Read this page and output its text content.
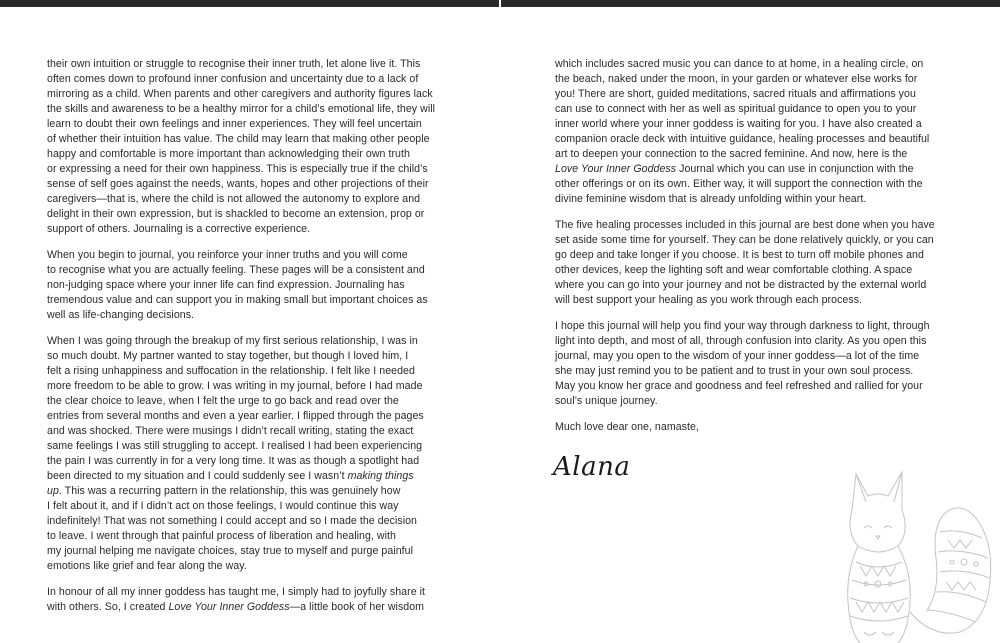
their own intuition or struggle to recognise their inner truth, let alone live it. This
often comes down to profound inner confusion and uncertainty due to a lack of
mirroring as a child. When parents and other caregivers and authority figures lack
the skills and awareness to be a healthy mirror for a child’s emotional life, they will
learn to doubt their own feelings and inner experiences. They will feel uncertain
of whether their intuition has value. The child may learn that making other people
happy and comfortable is more important than acknowledging their own truth
or expressing a need for their own happiness. This is especially true if the child’s
sense of self goes against the needs, wants, hopes and other projections of their
caregivers—that is, where the child is not allowed the autonomy to explore and
delight in their own expression, but is shackled to become an extension, prop or
support of others. Journaling is a corrective experience.
When you begin to journal, you reinforce your inner truths and you will come
to recognise what you are actually feeling. These pages will be a consistent and
non-judging space where your inner life can find expression. Journaling has
tremendous value and can support you in making small but important choices as
well as life-changing decisions.
When I was going through the breakup of my first serious relationship, I was in
so much doubt. My partner wanted to stay together, but though I loved him, I
felt a rising unhappiness and suffocation in the relationship. I felt like I needed
more freedom to be able to grow. I was writing in my journal, before I had made
the clear choice to leave, when I felt the urge to go back and read over the
entries from several months and even a year earlier. I flipped through the pages
and was shocked. There were musings I didn’t recall writing, stating the exact
same feelings I was still struggling to accept. I realised I had been experiencing
the pain I was currently in for a very long time. It was as though a spotlight had
been directed to my situation and I could suddenly see I wasn’t making things
up. This was a recurring pattern in the relationship, this was genuinely how
I felt about it, and if I didn’t act on those feelings, I would continue this way
indefinitely! That was not something I could accept and so I made the decision
to leave. I went through that painful process of liberation and healing, with
my journal helping me navigate choices, stay true to myself and purge painful
emotions like grief and fear along the way.
In honour of all my inner goddess has taught me, I simply had to joyfully share it
with others. So, I created Love Your Inner Goddess—a little book of her wisdom
which includes sacred music you can dance to at home, in a healing circle, on
the beach, naked under the moon, in your garden or whatever else works for
you! There are short, guided meditations, sacred rituals and affirmations you
can use to connect with her as well as spiritual guidance to open you to your
inner world where your inner goddess is waiting for you. I have also created a
companion oracle deck with intuitive guidance, healing processes and beautiful
art to deepen your connection to the sacred feminine. And now, here is the
Love Your Inner Goddess Journal which you can use in conjunction with the
other offerings or on its own. Either way, it will support the connection with the
divine feminine wisdom that is already unfolding within your heart.
The five healing processes included in this journal are best done when you have
set aside some time for yourself. They can be done relatively quickly, or you can
go deep and take longer if you choose. It is best to turn off mobile phones and
other devices, keep the lighting soft and wear comfortable clothing. A space
where you can go into your journey and not be distracted by the external world
will best support your healing as you work through each process.
I hope this journal will help you find your way through darkness to light, through
light into depth, and most of all, through confusion into clarity. As you open this
journal, may you open to the wisdom of your inner goddess—a lot of the time
she may just remind you to be patient and to trust in your own soul process.
May you know her grace and goodness and feel refreshed and rallied for your
soul’s unique journey.
Much love dear one, namaste,
Alana
